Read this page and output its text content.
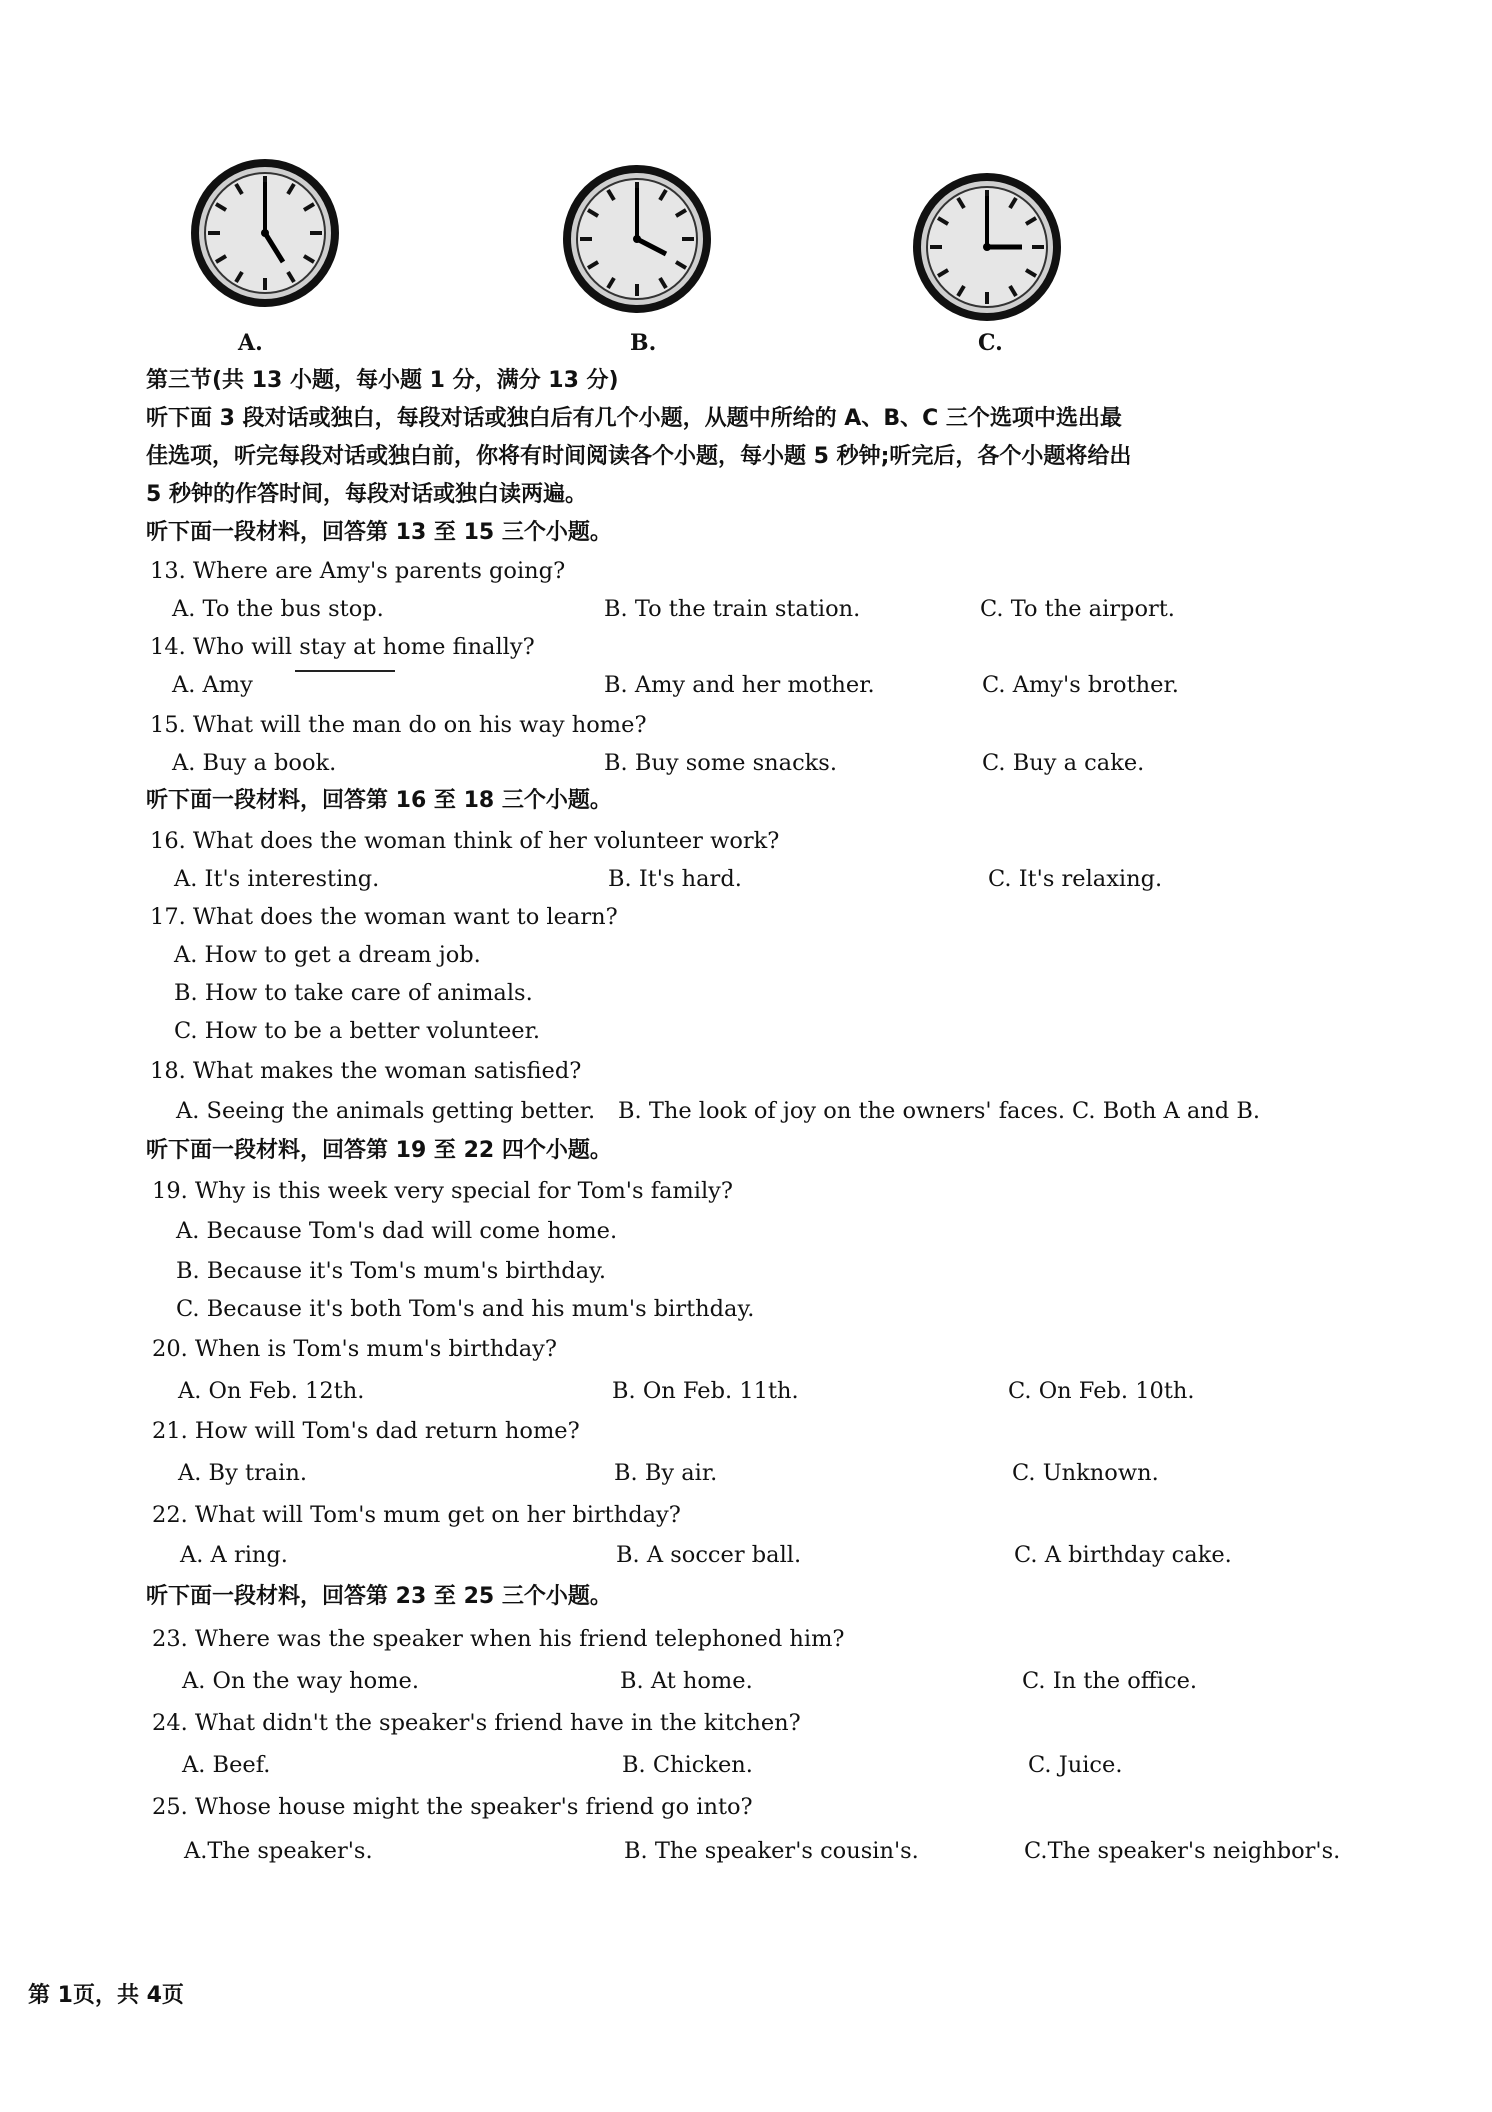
A.	B.	C.
第三节(共 13 小题，每小题 1 分，满分 13 分)
听下面 3 段对话或独白，每段对话或独白后有几个小题，从题中所给的 A、B、C 三个选项中选出最
佳选项，听完每段对话或独白前，你将有时间阅读各个小题，每小题 5 秒钟;听完后，各个小题将给出
5 秒钟的作答时间，每段对话或独白读两遍。
听下面一段材料，回答第 13 至 15 三个小题。
13. Where are Amy's parents going?
A. To the bus stop.	B. To the train station.	C. To the airport.
14. Who will stay at home finally?
A. Amy	B. Amy and her mother.	C. Amy's brother.
15. What will the man do on his way home?
A. Buy a book.	B. Buy some snacks.	C. Buy a cake.
听下面一段材料，回答第 16 至 18 三个小题。
16. What does the woman think of her volunteer work?
A. It's interesting.	B. It's hard.	C. It's relaxing.
17. What does the woman want to learn?
A. How to get a dream job.
B. How to take care of animals.
C. How to be a better volunteer.
18. What makes the woman satisfied?
A. Seeing the animals getting better. B. The look of joy on the owners' faces. C. Both A and B.
听下面一段材料，回答第 19 至 22 四个小题。
19. Why is this week very special for Tom's family?
A. Because Tom's dad will come home.
B. Because it's Tom's mum's birthday.
C. Because it's both Tom's and his mum's birthday.
20. When is Tom's mum's birthday?
A. On Feb. 12th.	B. On Feb. 11th.	C. On Feb. 10th.
21. How will Tom's dad return home?
A. By train.	B. By air.	C. Unknown.
22. What will Tom's mum get on her birthday?
A. A ring.	B. A soccer ball.	C. A birthday cake.
听下面一段材料，回答第 23 至 25 三个小题。
23. Where was the speaker when his friend telephoned him?
A. On the way home.	B. At home.	C. In the office.
24. What didn't the speaker's friend have in the kitchen?
A. Beef.	B. Chicken.	C. Juice.
25. Whose house might the speaker's friend go into?
A.The speaker's.	B. The speaker's cousin's.	C.The speaker's neighbor's.
第 1页，共 4页
